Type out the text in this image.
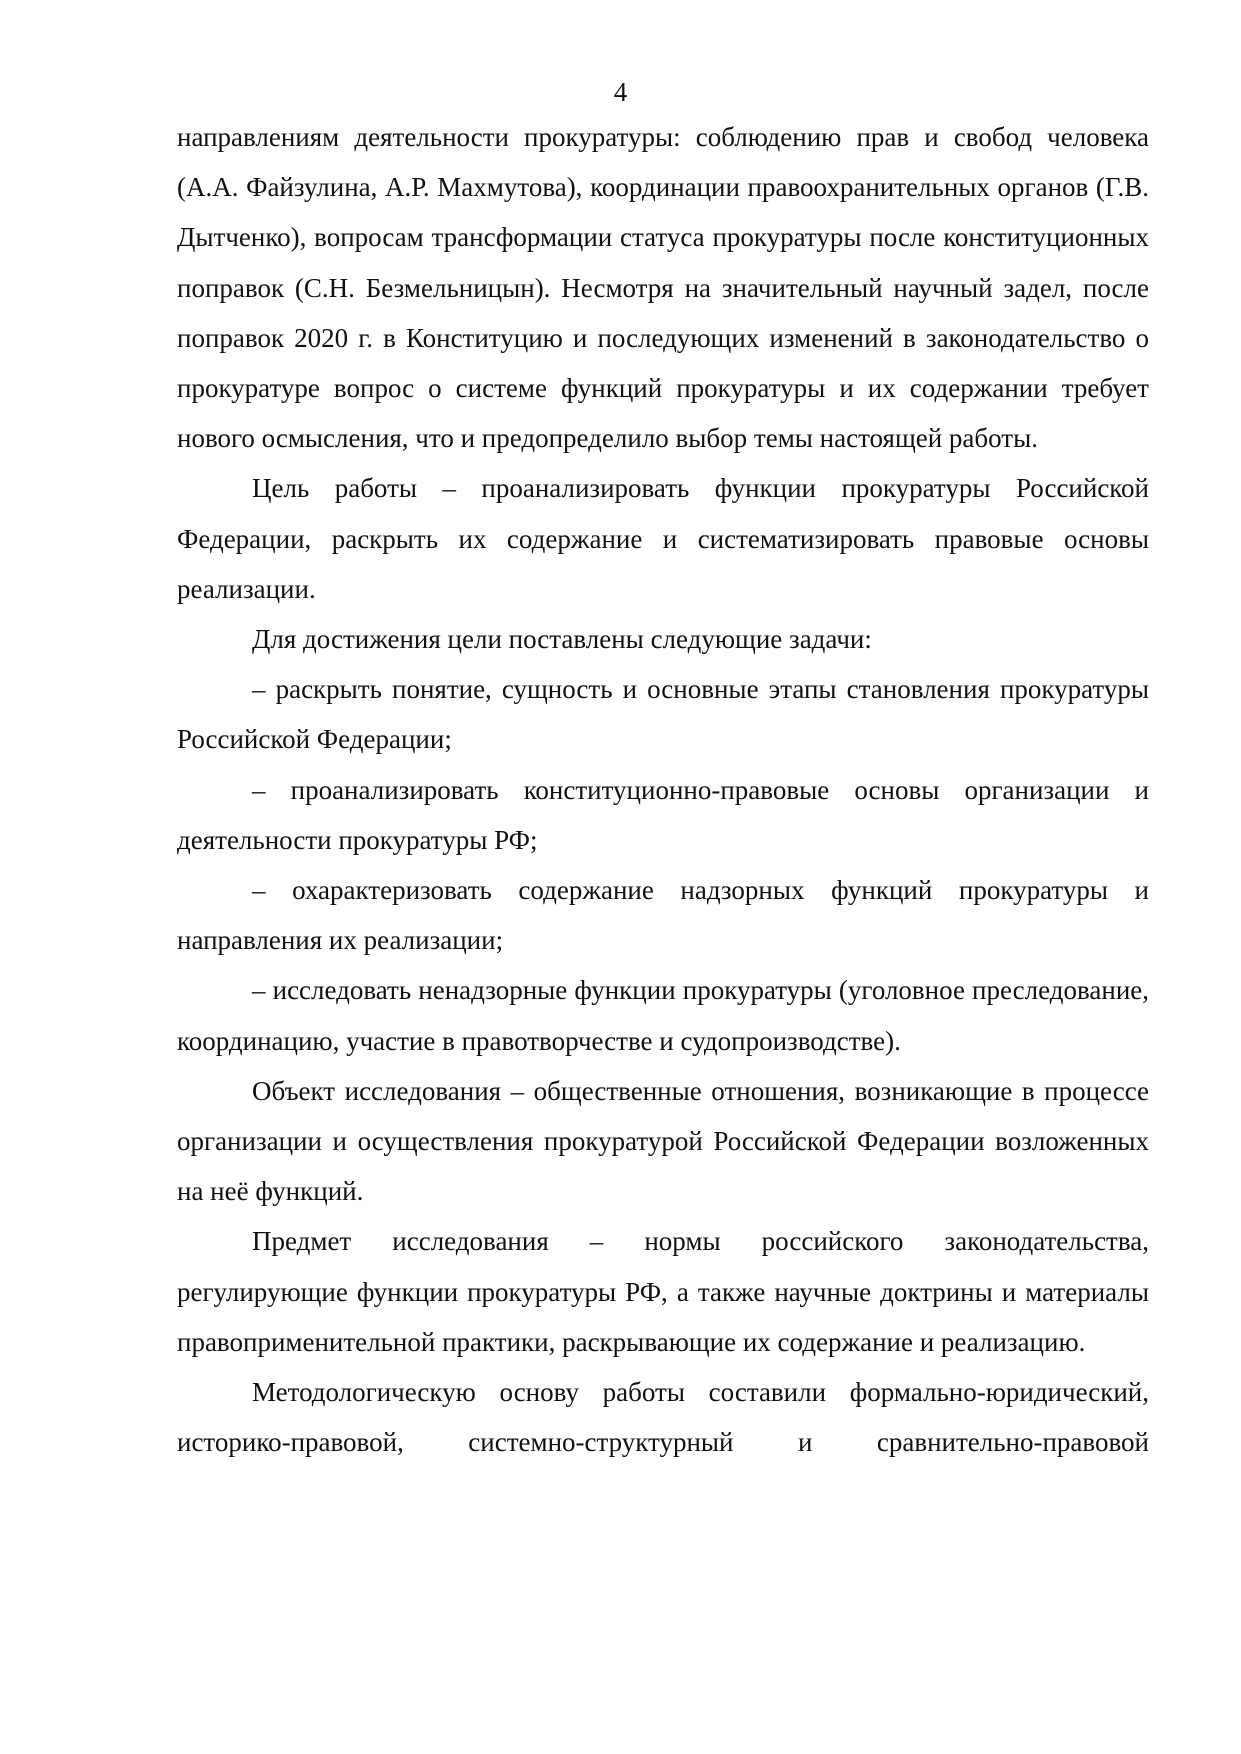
4

направлениям деятельности прокуратуры: соблюдению прав и свобод человека (А.А. Файзулина, А.Р. Махмутова), координации правоохранительных органов (Г.В. Дытченко), вопросам трансформации статуса прокуратуры после конституционных поправок (С.Н. Безмельницын). Несмотря на значительный научный задел, после поправок 2020 г. в Конституцию и последующих изменений в законодательство о прокуратуре вопрос о системе функций прокуратуры и их содержании требует нового осмысления, что и предопределило выбор темы настоящей работы.

Цель работы – проанализировать функции прокуратуры Российской Федерации, раскрыть их содержание и систематизировать правовые основы реализации.

Для достижения цели поставлены следующие задачи:

– раскрыть понятие, сущность и основные этапы становления прокуратуры Российской Федерации;

– проанализировать конституционно-правовые основы организации и деятельности прокуратуры РФ;

– охарактеризовать содержание надзорных функций прокуратуры и направления их реализации;

– исследовать ненадзорные функции прокуратуры (уголовное преследование, координацию, участие в правотворчестве и судопроизводстве).

Объект исследования – общественные отношения, возникающие в процессе организации и осуществления прокуратурой Российской Федерации возложенных на неё функций.

Предмет исследования – нормы российского законодательства, регулирующие функции прокуратуры РФ, а также научные доктрины и материалы правоприменительной практики, раскрывающие их содержание и реализацию.

Методологическую основу работы составили формально-юридический, историко-правовой, системно-структурный и сравнительно-правовой
